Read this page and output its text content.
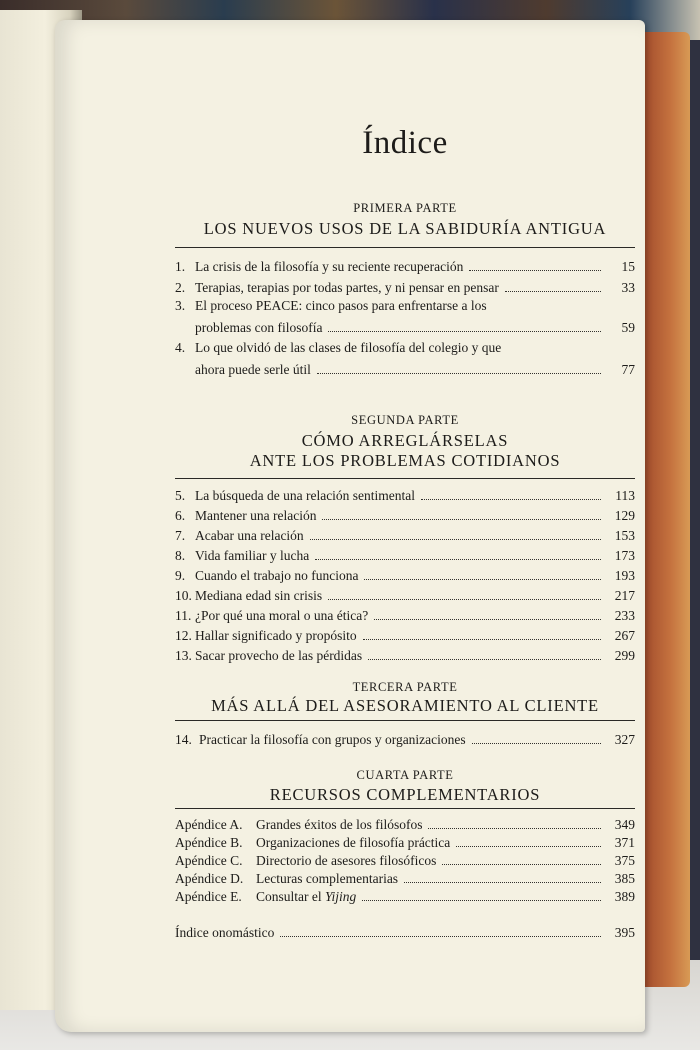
Índice
PRIMERA PARTE
LOS NUEVOS USOS DE LA SABIDURÍA ANTIGUA
1. La crisis de la filosofía y su reciente recuperación	15
2. Terapias, terapias por todas partes, y ni pensar en pensar	33
3. El proceso PEACE: cinco pasos para enfrentarse a los
problemas con filosofía	59
4. Lo que olvidó de las clases de filosofía del colegio y que
ahora puede serle útil	77
SEGUNDA PARTE
CÓMO ARREGLÁRSELAS
ANTE LOS PROBLEMAS COTIDIANOS
5. La búsqueda de una relación sentimental	113
6. Mantener una relación	129
7. Acabar una relación	153
8. Vida familiar y lucha	173
9. Cuando el trabajo no funciona	193
10. Mediana edad sin crisis	217
11. ¿Por qué una moral o una ética?	233
12. Hallar significado y propósito	267
13. Sacar provecho de las pérdidas	299
TERCERA PARTE
MÁS ALLÁ DEL ASESORAMIENTO AL CLIENTE
14. Practicar la filosofía con grupos y organizaciones	327
CUARTA PARTE
RECURSOS COMPLEMENTARIOS
Apéndice A.	Grandes éxitos de los filósofos	349
Apéndice B.	Organizaciones de filosofía práctica	371
Apéndice C.	Directorio de asesores filosóficos	375
Apéndice D. Lecturas complementarias	385
Apéndice E.	Consultar el Yijing	389
Índice onomástico	395
